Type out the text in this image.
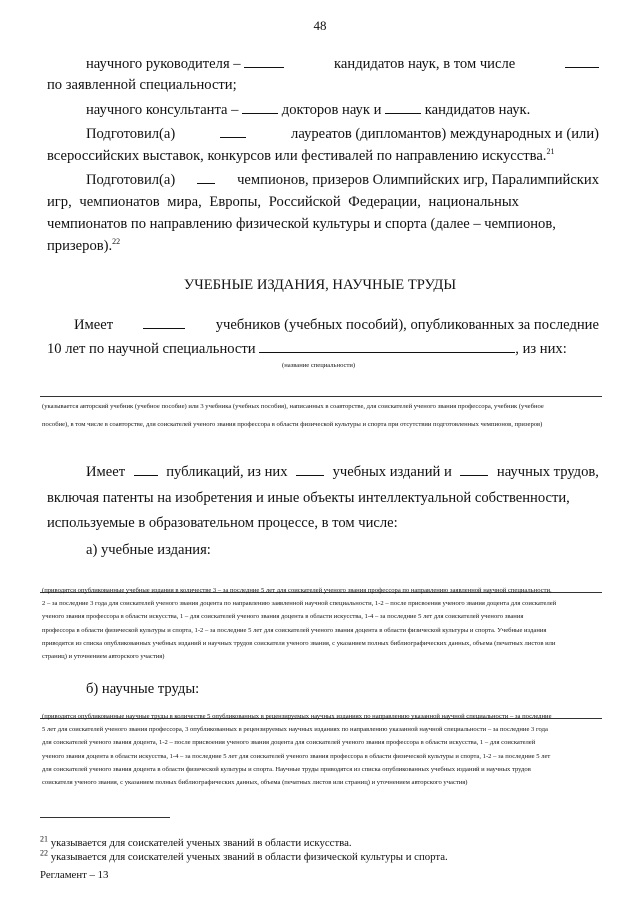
48
научного руководителя –	кандидатов наук, в том числе
по заявленной специальности;
научного консультанта –	докторов наук и	кандидатов наук.
Подготовил(а)	лауреатов (дипломантов) международных и (или)
всероссийских выставок, конкурсов или фестивалей по направлению искусства.$^{21}$
Подготовил(а)	чемпионов, призеров Олимпийских игр, Паралимпийских
игр, чемпионатов мира, Европы, Российской Федерации, национальных
чемпионатов по направлению физической культуры и спорта (далее – чемпионов,
призеров).$^{22}$
УЧЕБНЫЕ ИЗДАНИЯ, НАУЧНЫЕ ТРУДЫ
Имеет	учебников (учебных пособий), опубликованных за последние
10 лет по научной специальности	, из них:
(название специальности)
(указывается авторский учебник (учебное пособие) или 3 учебника (учебных пособия), написанных в соавторстве, для соискателей ученого звания профессора, учебник (учебное
пособие), в том числе в соавторстве, для соискателей ученого звания профессора в области физической культуры и спорта при отсутствии подготовленных чемпионов, призеров)
Имеет	публикаций, из них	учебных изданий и	научных трудов,
включая патенты на изобретения и иные объекты интеллектуальной собственности,
используемые в образовательном процессе, в том числе:
а) учебные издания:
(приводятся опубликованные учебные издания в количестве 3 – за последние 5 лет для соискателей ученого звания профессора по направлению заявленной научной специальности,
2 – за последние 3 года для соискателей ученого звания доцента по направлению заявленной научной специальности, 1-2 – после присвоения ученого звания доцента для соискателей
ученого звания профессора в области искусства, 1 – для соискателей ученого звания доцента в области искусства, 1-4 – за последние 5 лет для соискателей ученого звания
профессора в области физической культуры и спорта, 1-2 – за последние 5 лет для соискателей ученого звания доцента в области физической культуры и спорта. Учебные издания
приводятся из списка опубликованных учебных изданий и научных трудов соискателя ученого звания, с указанием полных библиографических данных, объема (печатных листов или
страниц) и уточнением авторского участия)
б) научные труды:
(приводятся опубликованные научные труды в количестве 5 опубликованных в рецензируемых научных изданиях по направлению указанной научной специальности – за последние
5 лет для соискателей ученого звания профессора, 3 опубликованных в рецензируемых научных изданиях по направлению указанной научной специальности – за последние 3 года
для соискателей ученого звания доцента, 1-2 – после присвоения ученого звания доцента для соискателей ученого звания профессора в области искусства, 1 – для соискателей
ученого звания доцента в области искусства, 1-4 – за последние 5 лет для соискателей ученого звания профессора в области физической культуры и спорта, 1-2 – за последние 5 лет
для соискателей ученого звания доцента в области физической культуры и спорта. Научные труды приводятся из списка опубликованных учебных изданий и научных трудов
соискателя ученого звания, с указанием полных библиографических данных, объема (печатных листов или страниц) и уточнением авторского участия)
$^{21}$ указывается для соискателей ученых званий в области искусства.
$^{22}$ указывается для соискателей ученых званий в области физической культуры и спорта.
Регламент – 13
